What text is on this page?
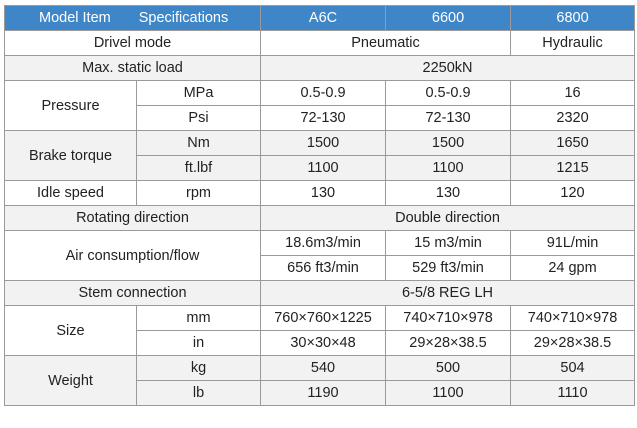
Model Item Specifications		A6C	6600	6800
Drivel mode		Pneumatic		Hydraulic
Max. static load		2250kN		
Pressure	MPa	0.5-0.9	0.5-0.9	16
	Psi	72-130	72-130	2320
Brake torque	Nm	1500	1500	1650
	ft.lbf	1100	1100	1215
Idle speed	rpm	130	130	120
Rotating direction		Double direction		
Air consumption/flow		18.6m3/min	15 m3/min	91L/min
		656 ft3/min	529 ft3/min	24 gpm
Stem connection		6-5/8 REG LH		
Size	mm	760×760×1225	740×710×978	740×710×978
	in	30×30×48	29×28×38.5	29×28×38.5
Weight	kg	540	500	504
	lb	1190	1100	1110
